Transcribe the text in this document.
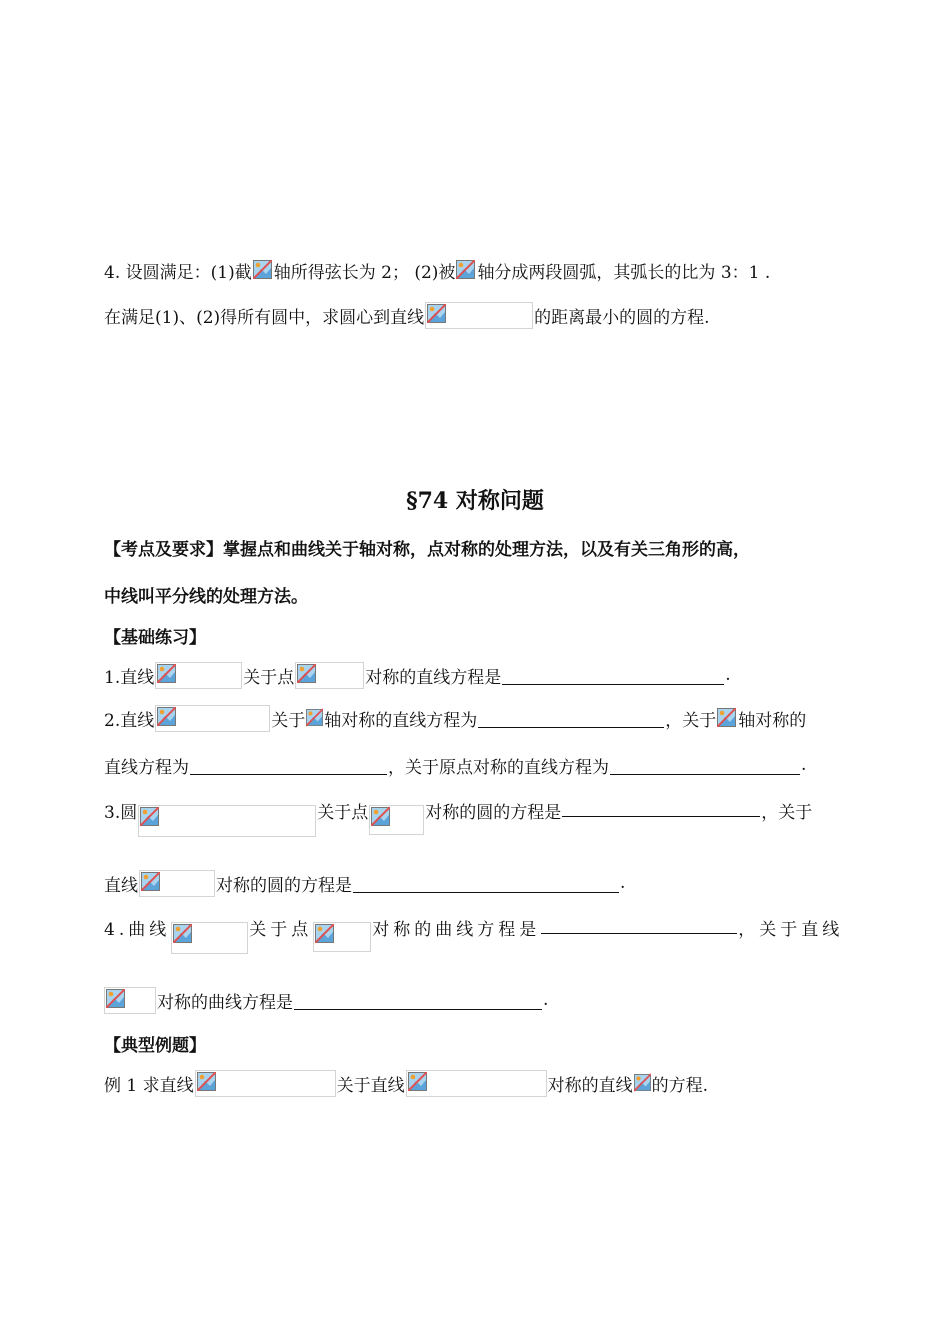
4. 设圆满足：(1)截 轴所得弦长为 2； (2)被 轴分成两段圆弧，其弧长的比为 3：1 .
在满足(1)、(2)得所有圆中，求圆心到直线	的距离最小的圆的方程.
§74 对称问题
【考点及要求】掌握点和曲线关于轴对称，点对称的处理方法，以及有关三角形的高，
中线叫平分线的处理方法。
【基础练习】
1.直线	关于点	对称的直线方程是	.
2.直线	关于 轴对称的直线方程为	，关于 轴对称的
直线方程为	，关于原点对称的直线方程为	.
3.圆	关于点	对称的圆的方程是	，关于
直线	对称的圆的方程是	.
4.曲线	关于点	对称的曲线方程是	，关于直线
对称的曲线方程是	.
【典型例题】
例 1 求直线	关于直线	对称的直线 的方程.
